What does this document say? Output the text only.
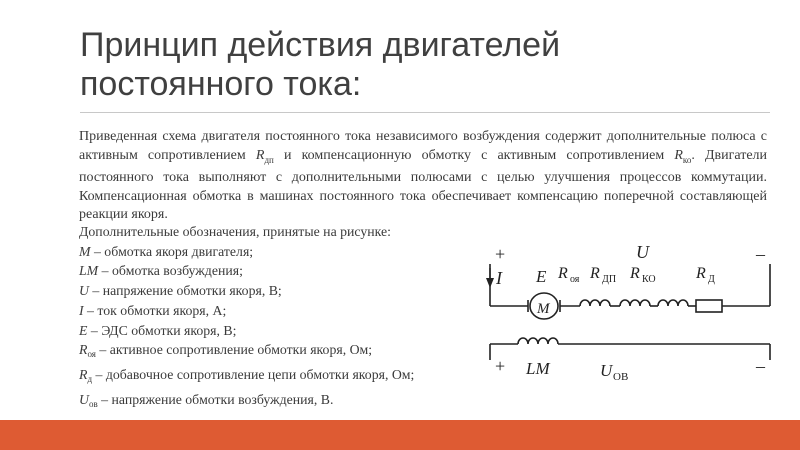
Принцип действия двигателей постоянного тока:

Приведенная схема двигателя постоянного тока независимого возбуждения содержит дополнительные полюса с активным сопротивлением $R_{дп}$ и компенсационную обмотку с активным сопротивлением $R_{ко}$. Двигатели постоянного тока выполняют с дополнительными полюсами с целью улучшения процессов коммутации. Компенсационная обмотка в машинах постоянного тока обеспечивает компенсацию поперечной составляющей реакции якоря.

Дополнительные обозначения, принятые на рисунке:
M – обмотка якоря двигателя;
LM – обмотка возбуждения;
U – напряжение обмотки якоря, В;
I – ток обмотки якоря, А;
E – ЭДС обмотки якоря, В;
$R_{оя}$ – активное сопротивление обмотки якоря, Ом;
$R_д$ – добавочное сопротивление цепи обмотки якоря, Ом;
$U_{ов}$ – напряжение обмотки возбуждения, В.
+	–
U
I E
M
R оя R ДП R КО	R Д
+	–
LM	U ОВ
